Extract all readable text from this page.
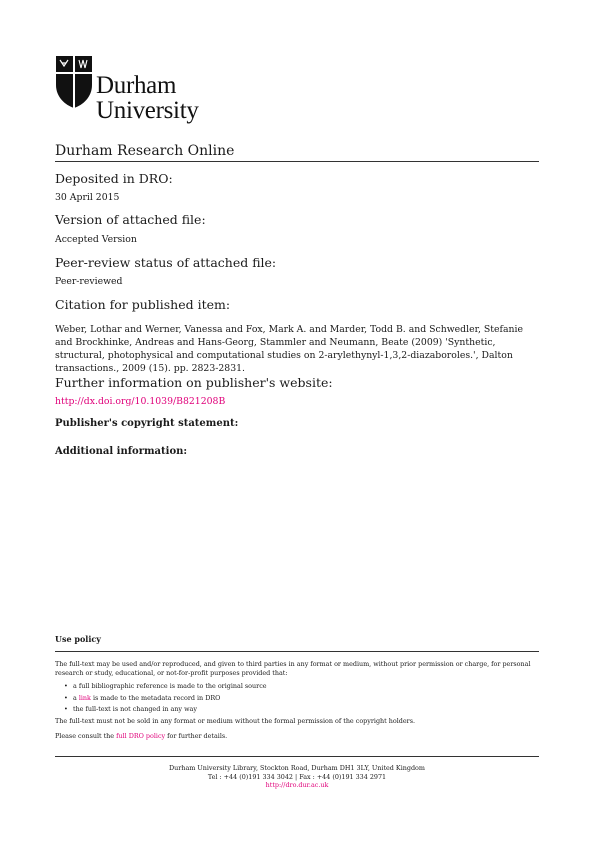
Durham
University
Durham Research Online
Deposited in DRO:
30 April 2015
Version of attached file:
Accepted Version
Peer-review status of attached file:
Peer-reviewed
Citation for published item:
Weber, Lothar and Werner, Vanessa and Fox, Mark A. and Marder, Todd B. and Schwedler, Stefanie and Brockhinke, Andreas and Hans-Georg, Stammler and Neumann, Beate (2009) 'Synthetic, structural, photophysical and computational studies on 2-arylethynyl-1,3,2-diazaboroles.', Dalton transactions., 2009 (15). pp. 2823-2831.
Further information on publisher's website:
http://dx.doi.org/10.1039/B821208B
Publisher's copyright statement:
Additional information:
Use policy
The full-text may be used and/or reproduced, and given to third parties in any format or medium, without prior permission or charge, for personal research or study, educational, or not-for-profit purposes provided that:
• a full bibliographic reference is made to the original source
• a link is made to the metadata record in DRO
• the full-text is not changed in any way
The full-text must not be sold in any format or medium without the formal permission of the copyright holders.
Please consult the full DRO policy for further details.
Durham University Library, Stockton Road, Durham DH1 3LY, United Kingdom
Tel : +44 (0)191 334 3042 | Fax : +44 (0)191 334 2971
http://dro.dur.ac.uk
